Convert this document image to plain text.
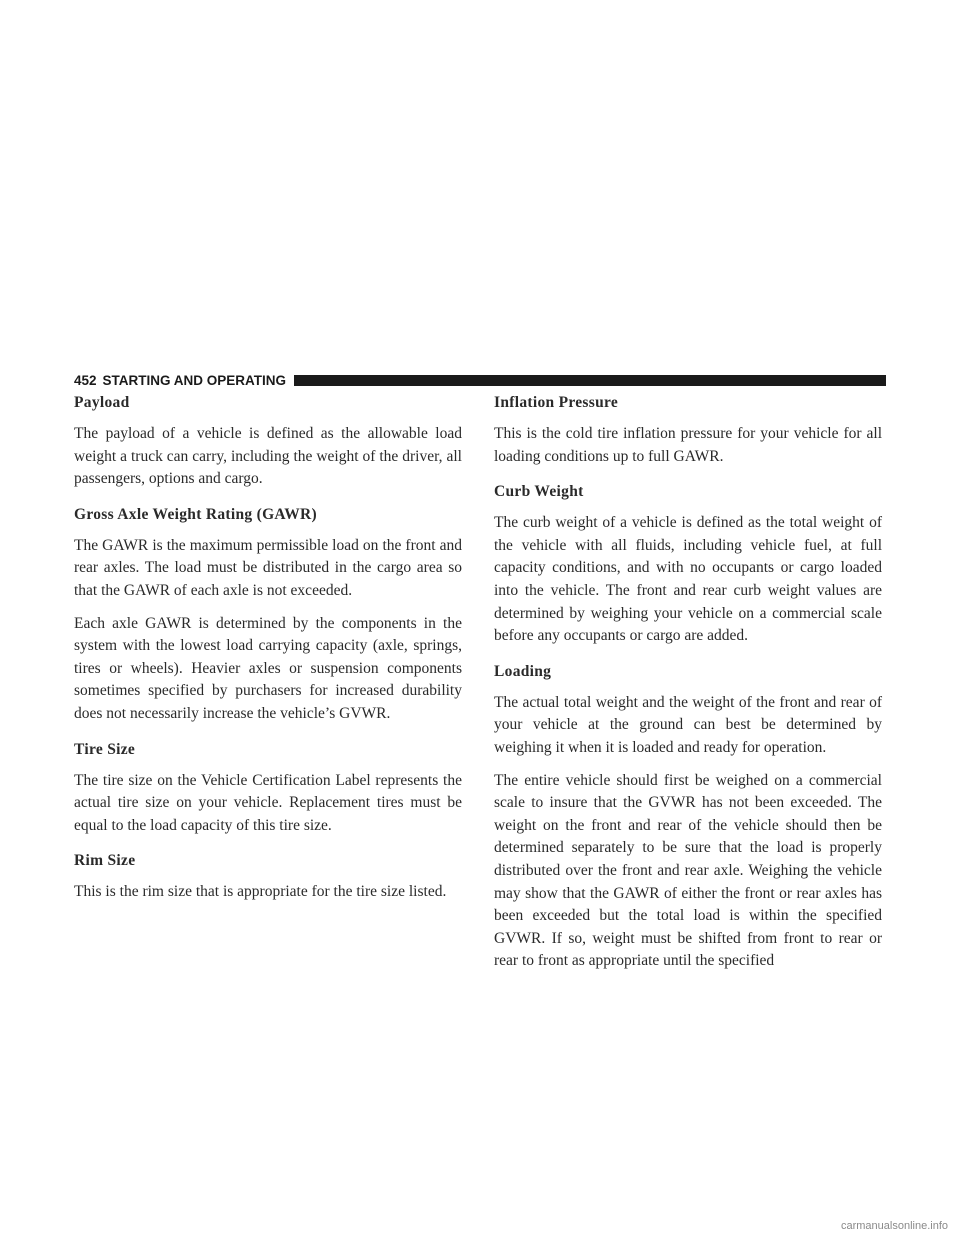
452 STARTING AND OPERATING
Payload

The payload of a vehicle is defined as the allowable load weight a truck can carry, including the weight of the driver, all passengers, options and cargo.

Gross Axle Weight Rating (GAWR)

The GAWR is the maximum permissible load on the front and rear axles. The load must be distributed in the cargo area so that the GAWR of each axle is not exceeded.

Each axle GAWR is determined by the components in the system with the lowest load carrying capacity (axle, springs, tires or wheels). Heavier axles or suspension components sometimes specified by purchasers for increased durability does not necessarily increase the vehicle’s GVWR.

Tire Size

The tire size on the Vehicle Certification Label represents the actual tire size on your vehicle. Replacement tires must be equal to the load capacity of this tire size.

Rim Size

This is the rim size that is appropriate for the tire size listed.

Inflation Pressure

This is the cold tire inflation pressure for your vehicle for all loading conditions up to full GAWR.

Curb Weight

The curb weight of a vehicle is defined as the total weight of the vehicle with all fluids, including vehicle fuel, at full capacity conditions, and with no occupants or cargo loaded into the vehicle. The front and rear curb weight values are determined by weighing your vehicle on a commercial scale before any occupants or cargo are added.

Loading

The actual total weight and the weight of the front and rear of your vehicle at the ground can best be determined by weighing it when it is loaded and ready for operation.

The entire vehicle should first be weighed on a commercial scale to insure that the GVWR has not been exceeded. The weight on the front and rear of the vehicle should then be determined separately to be sure that the load is properly distributed over the front and rear axle. Weighing the vehicle may show that the GAWR of either the front or rear axles has been exceeded but the total load is within the specified GVWR. If so, weight must be shifted from front to rear or rear to front as appropriate until the specified

carmanualsonline.info
